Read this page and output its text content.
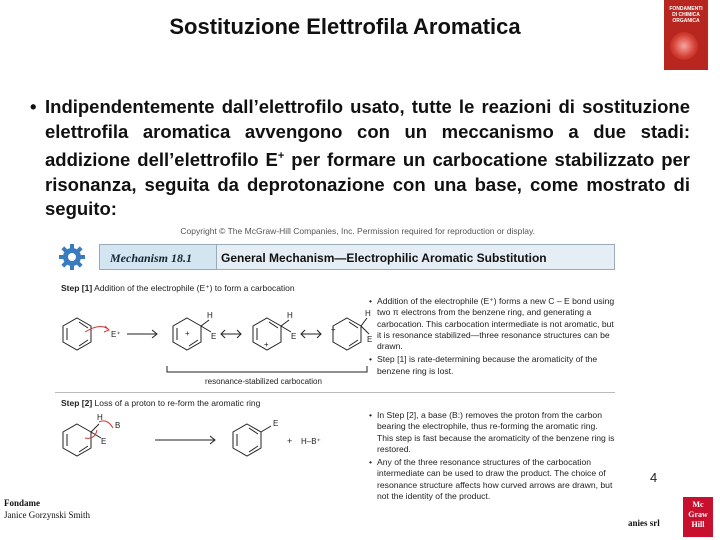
Sostituzione Elettrofila Aromatica
FONDAMENTI DI CHIMICA ORGANICA
• Indipendentemente dall’elettrofilo usato, tutte le reazioni di sostituzione elettrofila aromatica avvengono con un meccanismo a due stadi: addizione dell’elettrofilo E+ per formare un carbocatione stabilizzato per risonanza, seguita da deprotonazione con una base, come mostrato di seguito:
Copyright © The McGraw-Hill Companies, Inc. Permission required for reproduction or display.
Mechanism 18.1	General Mechanism—Electrophilic Aromatic Substitution
Step [1] Addition of the electrophile (E⁺) to form a carbocation
E⁺
H
E
H
E
H
E
+
+
+
resonance-stabilized carbocation
• Addition of the electrophile (E⁺) forms a new C – E bond using two π electrons from the benzene ring, and generating a carbocation. This carbocation intermediate is not aromatic, but it is resonance stabilized—three resonance structures can be drawn.
• Step [1] is rate-determining because the aromaticity of the benzene ring is lost.
Step [2] Loss of a proton to re-form the aromatic ring
H
E
B	E
+ H–B⁺
• In Step [2], a base (B:) removes the proton from the carbon bearing the electrophile, thus re-forming the aromatic ring. This step is fast because the aromaticity of the benzene ring is restored.
• Any of the three resonance structures of the carbocation intermediate can be used to draw the product. The choice of resonance structure affects how curved arrows are drawn, but not the identity of the product.
4
Fondame
Janice Gorzynski Smith
anies srl
Mc Graw Hill
